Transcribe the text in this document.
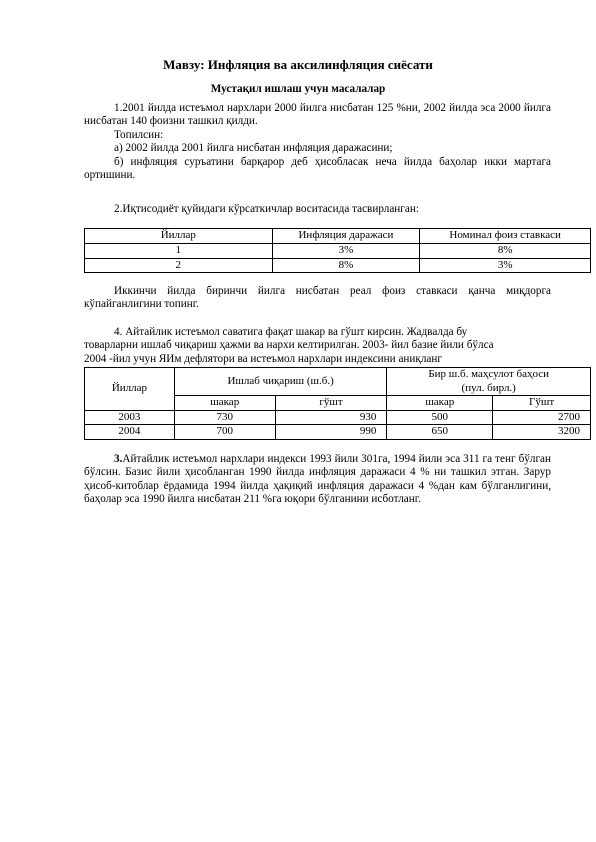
Мавзу: Инфляция ва аксилинфляция сиёсати
Мустақил ишлаш учун масалалар

1.2001 йилда истеъмол нархлари 2000 йилга нисбатан 125 %ни, 2002 йилда эса 2000 йилга нисбатан 140 фоизни ташкил қилди.

Топилсин:

а) 2002 йилда 2001 йилга нисбатан инфляция даражасини;

б) инфляция суръатини барқарор деб ҳисобласак неча йилда баҳолар икки мартага ортишини.

2.Иқтисодиёт қуйидаги кўрсаткичлар воситасида тасвирланган:

Йиллар	Инфляция даражаси	Номинал фоиз ставкаси
1	3%	8%
2	8%	3%

Иккинчи йилда биринчи йилга нисбатан реал фоиз ставкаси қанча миқдорга кўпайганлигини топинг.

4. Айтайлик истеъмол саватига фақат шакар ва гўшт кирсин. Жадвалда бу

товарларни ишлаб чиқариш ҳажми ва нархи келтирилган. 2003- йил базие йили бўлса

2004 -йил учун ЯИм дефлятори ва истеъмол нархлари индексини аниқланг

Йиллар	Ишлаб чиқариш (ш.б.)		Бир ш.б. маҳсулот баҳоси
(пул. бирл.)	

	шакар	гўшт	шакар	Гўшт
2003	730	930	500	2700
2004	700	990	650	3200

3.Айтайлик истеъмол нархлари индекси 1993 йили 301га, 1994 йили эса 311 га тенг бўлган бўлсин. Базис йили ҳисобланган 1990 йилда инфляция даражаси 4 % ни ташкил этган. Зарур ҳисоб-китоблар ёрдамида 1994 йилда ҳақиқий инфляция даражаси 4 %дан кам бўлганлигини, баҳолар эса 1990 йилга нисбатан 211 %га юқори бўлганини исботланг.
